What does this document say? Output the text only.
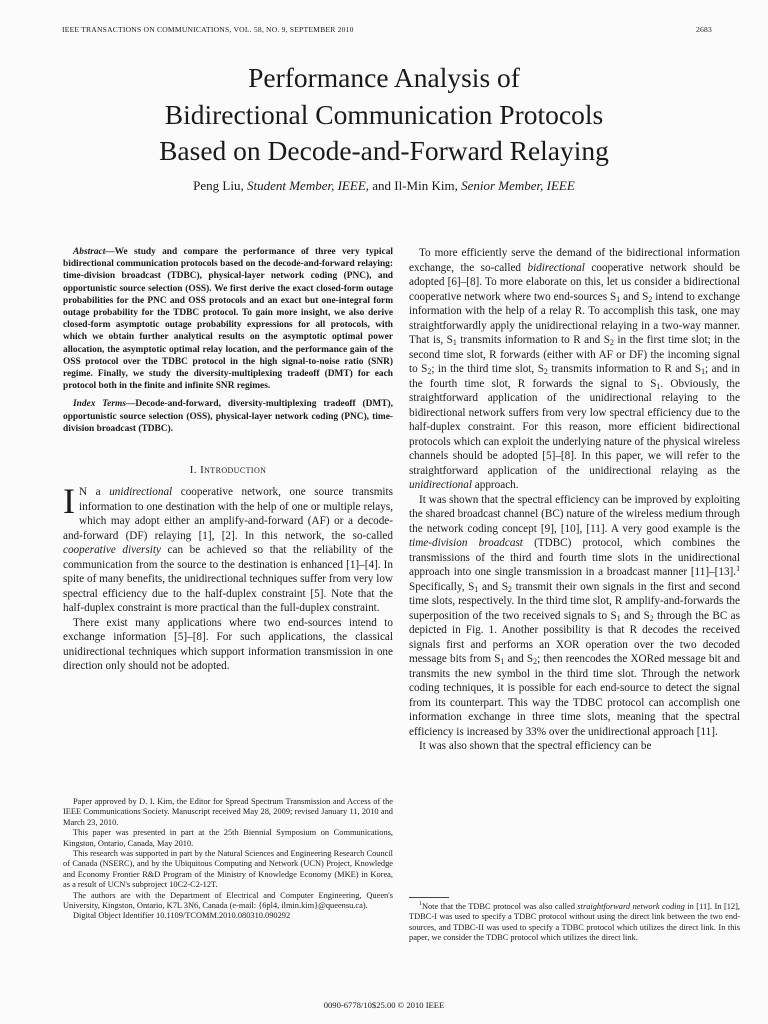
IEEE TRANSACTIONS ON COMMUNICATIONS, VOL. 58, NO. 9, SEPTEMBER 2010	2683
Performance Analysis of
Bidirectional Communication Protocols
Based on Decode-and-Forward Relaying
Peng Liu, Student Member, IEEE, and Il-Min Kim, Senior Member, IEEE

Abstract—We study and compare the performance of three very typical bidirectional communication protocols based on the decode-and-forward relaying: time-division broadcast (TDBC), physical-layer network coding (PNC), and opportunistic source selection (OSS). We first derive the exact closed-form outage probabilities for the PNC and OSS protocols and an exact but one-integral form outage probability for the TDBC protocol. To gain more insight, we also derive closed-form asymptotic outage probability expressions for all protocols, with which we obtain further analytical results on the asymptotic optimal power allocation, the asymptotic optimal relay location, and the performance gain of the OSS protocol over the TDBC protocol in the high signal-to-noise ratio (SNR) regime. Finally, we study the diversity-multiplexing tradeoff (DMT) for each protocol both in the finite and infinite SNR regimes.

Index Terms—Decode-and-forward, diversity-multiplexing tradeoff (DMT), opportunistic source selection (OSS), physical-layer network coding (PNC), time-division broadcast (TDBC).

I. Introduction

I N a unidirectional cooperative network, one source transmits information to one destination with the help of one or multiple relays, which may adopt either an amplify-and-forward (AF) or a decode-and-forward (DF) relaying [1], [2]. In this network, the so-called cooperative diversity can be achieved so that the reliability of the communication from the source to the destination is enhanced [1]–[4]. In spite of many benefits, the unidirectional techniques suffer from very low spectral efficiency due to the half-duplex constraint [5]. Note that the half-duplex constraint is more practical than the full-duplex constraint.

There exist many applications where two end-sources intend to exchange information [5]–[8]. For such applications, the classical unidirectional techniques which support information transmission in one direction only should not be adopted.

Paper approved by D. I. Kim, the Editor for Spread Spectrum Transmission and Access of the IEEE Communications Society. Manuscript received May 28, 2009; revised January 11, 2010 and March 23, 2010.

This paper was presented in part at the 25th Biennial Symposium on Communications, Kingston, Ontario, Canada, May 2010.

This research was supported in part by the Natural Sciences and Engineering Research Council of Canada (NSERC), and by the Ubiquitous Computing and Network (UCN) Project, Knowledge and Economy Frontier R&D Program of the Ministry of Knowledge Economy (MKE) in Korea, as a result of UCN's subproject 10C2-C2-12T.

The authors are with the Department of Electrical and Computer Engineering, Queen's University, Kingston, Ontario, K7L 3N6, Canada (e-mail: {6pl4, ilmin.kim}@queensu.ca).

Digital Object Identifier 10.1109/TCOMM.2010.080310.090292

To more efficiently serve the demand of the bidirectional information exchange, the so-called bidirectional cooperative network should be adopted [6]–[8]. To more elaborate on this, let us consider a bidirectional cooperative network where two end-sources $S_1$ and $S_2$ intend to exchange information with the help of a relay R. To accomplish this task, one may straightforwardly apply the unidirectional relaying in a two-way manner. That is, $S_1$ transmits information to R and $S_2$ in the first time slot; in the second time slot, R forwards (either with AF or DF) the incoming signal to $S_2$; in the third time slot, $S_2$ transmits information to R and $S_1$; and in the fourth time slot, R forwards the signal to $S_1$. Obviously, the straightforward application of the unidirectional relaying to the bidirectional network suffers from very low spectral efficiency due to the half-duplex constraint. For this reason, more efficient bidirectional protocols which can exploit the underlying nature of the physical wireless channels should be adopted [5]–[8]. In this paper, we will refer to the straightforward application of the unidirectional relaying as the unidirectional approach.

It was shown that the spectral efficiency can be improved by exploiting the shared broadcast channel (BC) nature of the wireless medium through the network coding concept [9], [10], [11]. A very good example is the time-division broadcast (TDBC) protocol, which combines the transmissions of the third and fourth time slots in the unidirectional approach into one single transmission in a broadcast manner [11]–[13].$^1$ Specifically, $S_1$ and $S_2$ transmit their own signals in the first and second time slots, respectively. In the third time slot, R amplify-and-forwards the superposition of the two received signals to $S_1$ and $S_2$ through the BC as depicted in Fig. 1. Another possibility is that R decodes the received signals first and performs an XOR operation over the two decoded message bits from $S_1$ and $S_2$; then reencodes the XORed message bit and transmits the new symbol in the third time slot. Through the network coding techniques, it is possible for each end-source to detect the signal from its counterpart. This way the TDBC protocol can accomplish one information exchange in three time slots, meaning that the spectral efficiency is increased by 33% over the unidirectional approach [11].

It was also shown that the spectral efficiency can be

$^1$Note that the TDBC protocol was also called straightforward network coding in [11]. In [12], TDBC-I was used to specify a TDBC protocol without using the direct link between the two end-sources, and TDBC-II was used to specify a TDBC protocol which utilizes the direct link. In this paper, we consider the TDBC protocol which utilizes the direct link.

0090-6778/10$25.00 © 2010 IEEE
